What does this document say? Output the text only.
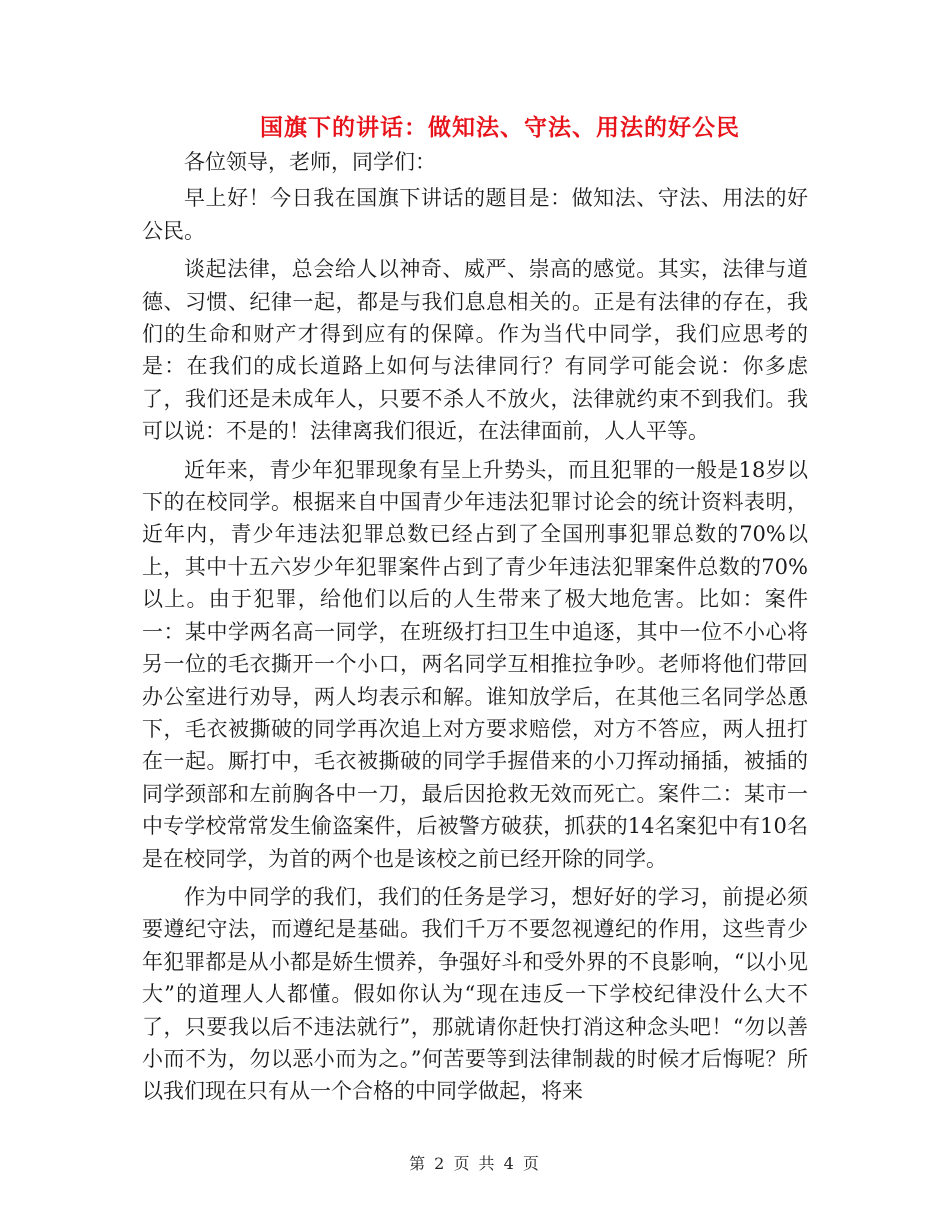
国旗下的讲话：做知法、守法、用法的好公民

各位领导，老师，同学们：

早上好！今日我在国旗下讲话的题目是：做知法、守法、用法的好公民。

谈起法律，总会给人以神奇、威严、崇高的感觉。其实，法律与道德、习惯、纪律一起，都是与我们息息相关的。正是有法律的存在，我们的生命和财产才得到应有的保障。作为当代中同学，我们应思考的是：在我们的成长道路上如何与法律同行？有同学可能会说：你多虑了，我们还是未成年人，只要不杀人不放火，法律就约束不到我们。我可以说：不是的！法律离我们很近，在法律面前，人人平等。

近年来，青少年犯罪现象有呈上升势头，而且犯罪的一般是18岁以下的在校同学。根据来自中国青少年违法犯罪讨论会的统计资料表明，近年内，青少年违法犯罪总数已经占到了全国刑事犯罪总数的70%以上，其中十五六岁少年犯罪案件占到了青少年违法犯罪案件总数的70%以上。由于犯罪，给他们以后的人生带来了极大地危害。比如：案件一：某中学两名高一同学，在班级打扫卫生中追逐，其中一位不小心将另一位的毛衣撕开一个小口，两名同学互相推拉争吵。老师将他们带回办公室进行劝导，两人均表示和解。谁知放学后，在其他三名同学怂恿下，毛衣被撕破的同学再次追上对方要求赔偿，对方不答应，两人扭打在一起。厮打中，毛衣被撕破的同学手握借来的小刀挥动捅插，被插的同学颈部和左前胸各中一刀，最后因抢救无效而死亡。案件二：某市一中专学校常常发生偷盗案件，后被警方破获，抓获的14名案犯中有10名是在校同学，为首的两个也是该校之前已经开除的同学。

作为中同学的我们，我们的任务是学习，想好好的学习，前提必须要遵纪守法，而遵纪是基础。我们千万不要忽视遵纪的作用，这些青少年犯罪都是从小都是娇生惯养，争强好斗和受外界的不良影响，“以小见大”的道理人人都懂。假如你认为“现在违反一下学校纪律没什么大不了，只要我以后不违法就行”，那就请你赶快打消这种念头吧！“勿以善小而不为，勿以恶小而为之。”何苦要等到法律制裁的时候才后悔呢？所以我们现在只有从一个合格的中同学做起，将来

第 2 页 共 4 页
